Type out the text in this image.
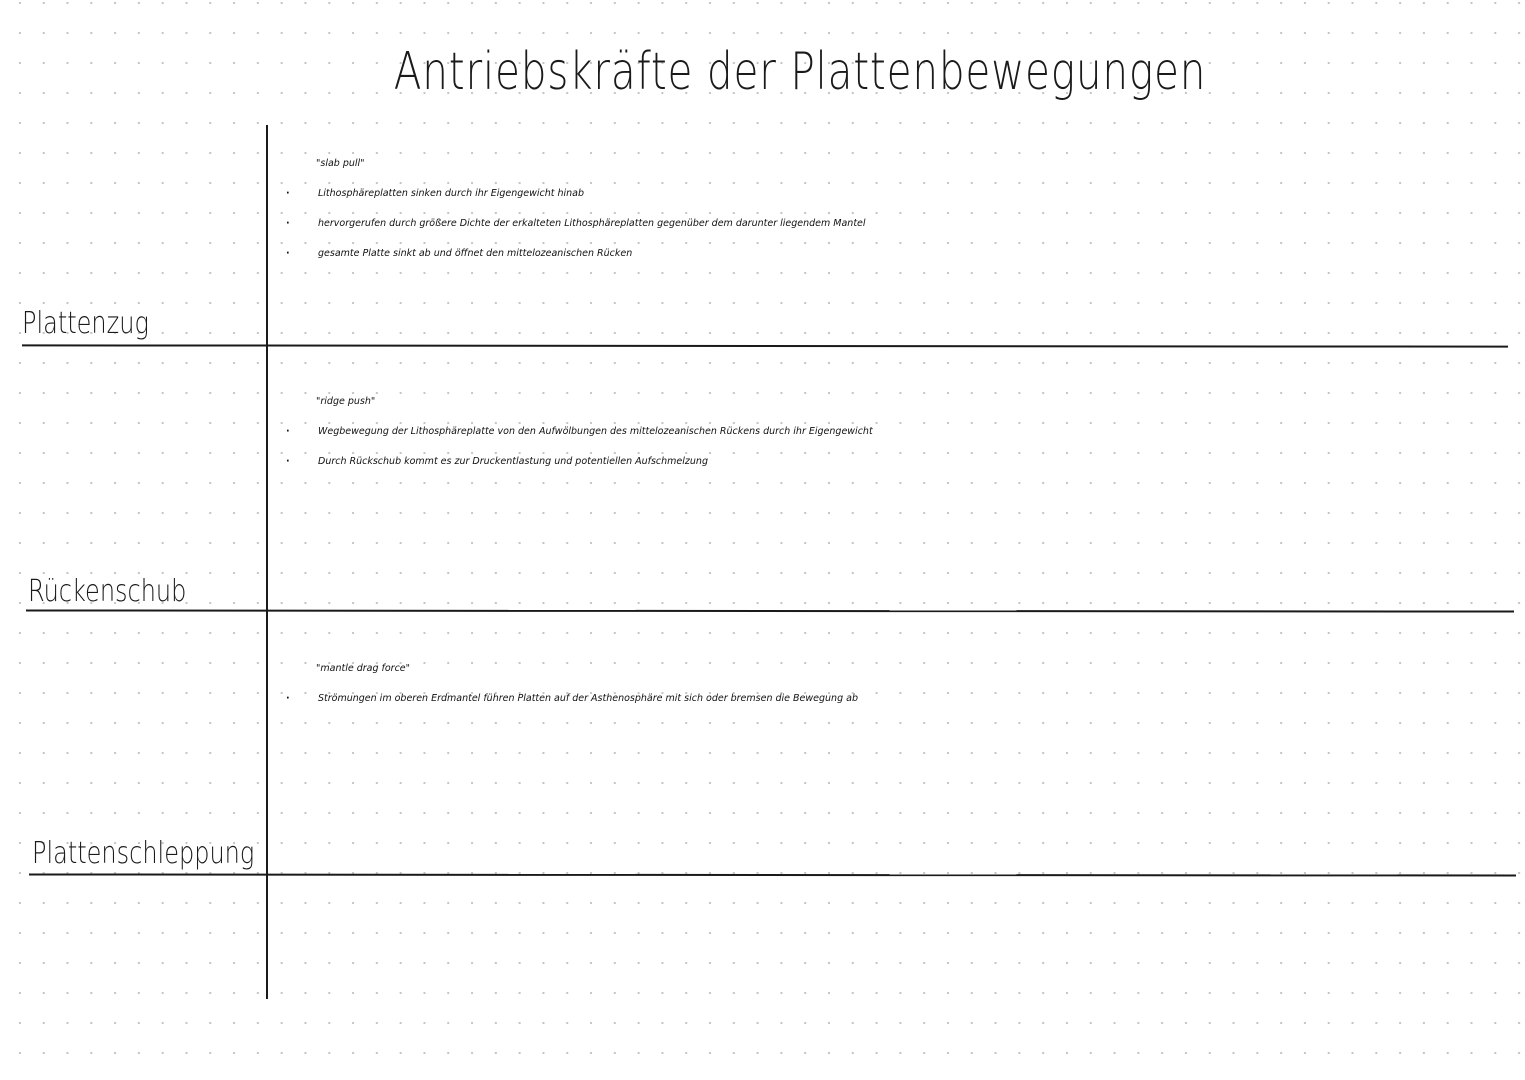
Antriebskräfte der Plattenbewegungen
Plattenzug
Rückenschub
Plattenschleppung
"slab pull"
· Lithosphäreplatten sinken durch ihr Eigengewicht hinab
· hervorgerufen durch größere Dichte der erkalteten Lithosphäreplatten gegenüber dem darunter liegendem Mantel
· gesamte Platte sinkt ab und öffnet den mittelozeanischen Rücken
"ridge push"
· Wegbewegung der Lithosphäreplatte von den Aufwölbungen des mittelozeanischen Rückens durch ihr Eigengewicht
· Durch Rückschub kommt es zur Druckentlastung und potentiellen Aufschmelzung
"mantle drag force"
· Strömungen im oberen Erdmantel führen Platten auf der Asthenosphäre mit sich oder bremsen die Bewegung ab
